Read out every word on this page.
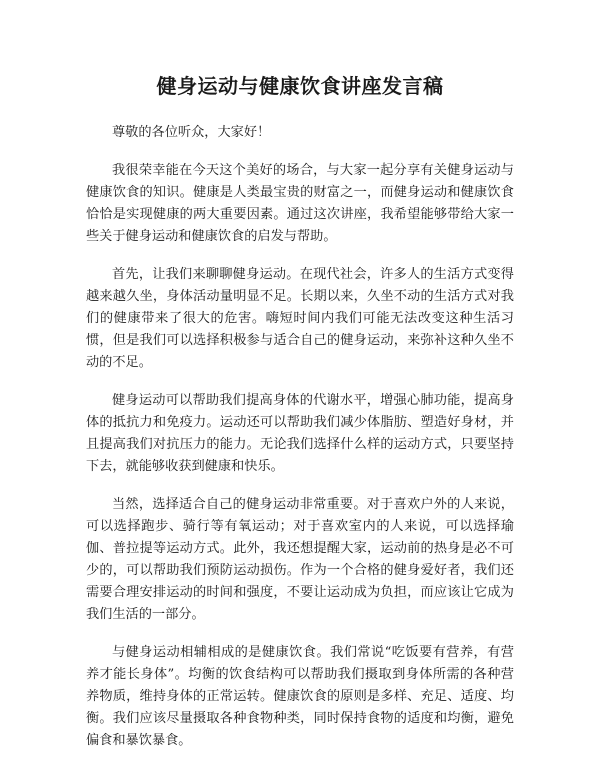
健身运动与健康饮食讲座发言稿

尊敬的各位听众，大家好！

我很荣幸能在今天这个美好的场合，与大家一起分享有关健身运动与健康饮食的知识。健康是人类最宝贵的财富之一，而健身运动和健康饮食恰恰是实现健康的两大重要因素。通过这次讲座，我希望能够带给大家一些关于健身运动和健康饮食的启发与帮助。

首先，让我们来聊聊健身运动。在现代社会，许多人的生活方式变得越来越久坐，身体活动量明显不足。长期以来，久坐不动的生活方式对我们的健康带来了很大的危害。嗨短时间内我们可能无法改变这种生活习惯，但是我们可以选择积极参与适合自己的健身运动，来弥补这种久坐不动的不足。

健身运动可以帮助我们提高身体的代谢水平，增强心肺功能，提高身体的抵抗力和免疫力。运动还可以帮助我们减少体脂肪、塑造好身材，并且提高我们对抗压力的能力。无论我们选择什么样的运动方式，只要坚持下去，就能够收获到健康和快乐。

当然，选择适合自己的健身运动非常重要。对于喜欢户外的人来说，可以选择跑步、骑行等有氧运动；对于喜欢室内的人来说，可以选择瑜伽、普拉提等运动方式。此外，我还想提醒大家，运动前的热身是必不可少的，可以帮助我们预防运动损伤。作为一个合格的健身爱好者，我们还需要合理安排运动的时间和强度，不要让运动成为负担，而应该让它成为我们生活的一部分。

与健身运动相辅相成的是健康饮食。我们常说“吃饭要有营养，有营养才能长身体”。均衡的饮食结构可以帮助我们摄取到身体所需的各种营养物质，维持身体的正常运转。健康饮食的原则是多样、充足、适度、均衡。我们应该尽量摄取各种食物种类，同时保持食物的适度和均衡，避免偏食和暴饮暴食。
